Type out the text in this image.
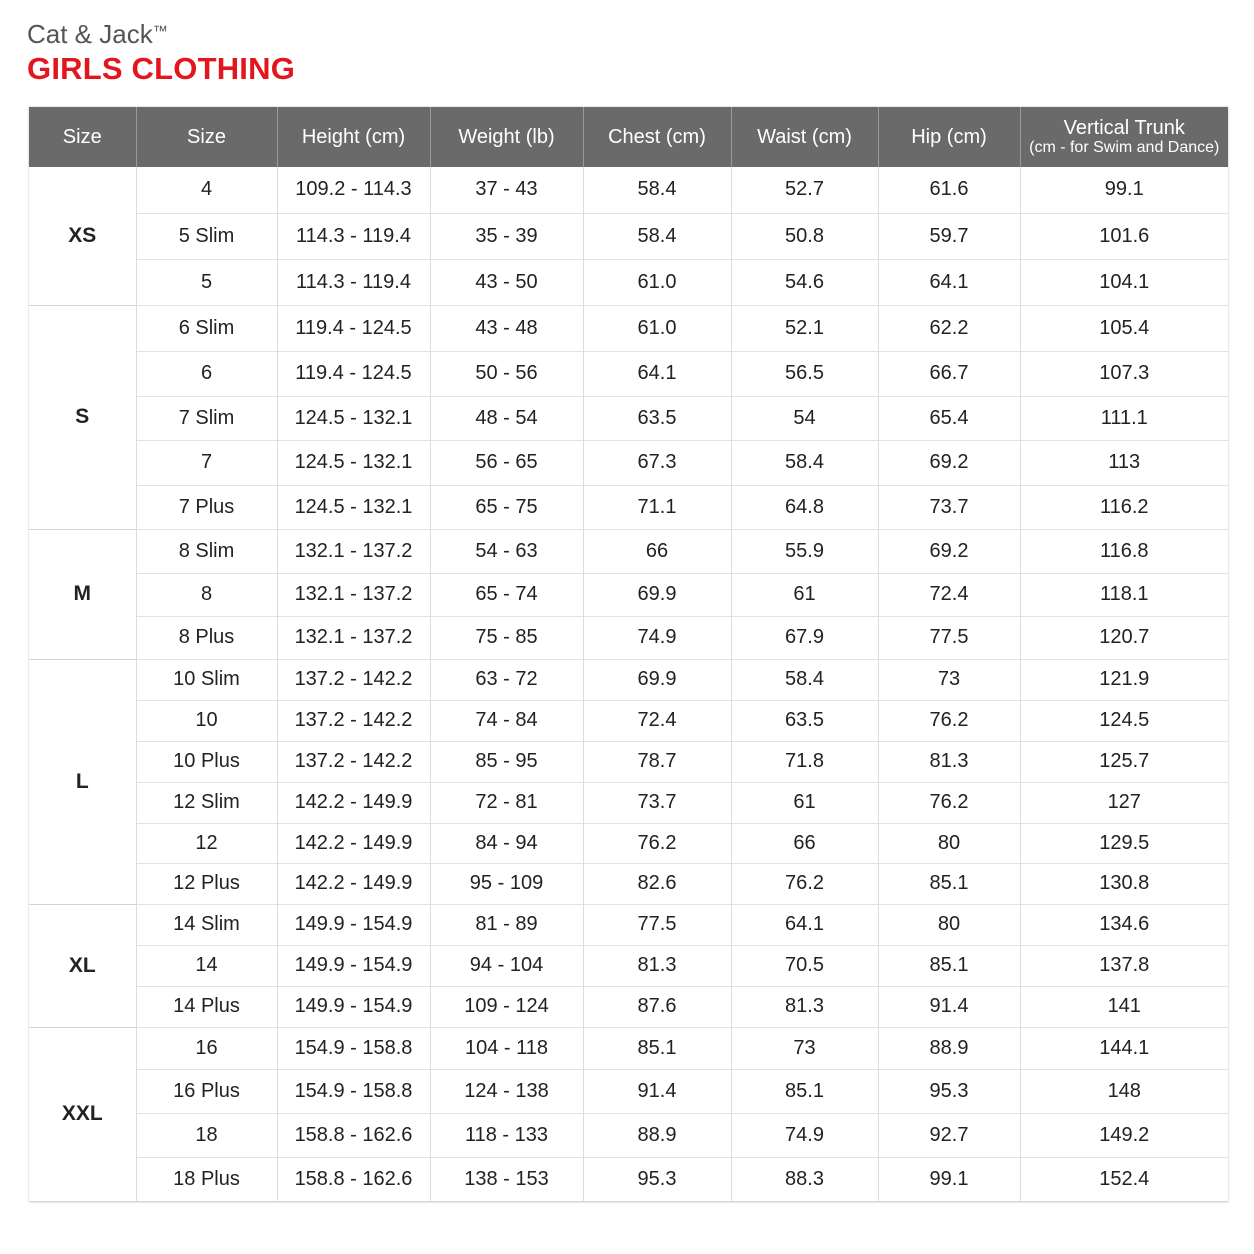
Cat & Jack™
GIRLS CLOTHING
Size	Size	Height (cm)	Weight (lb)	Chest (cm)	Waist (cm)	Hip (cm)	Vertical Trunk
(cm - for Swim and Dance)

XS	4	109.2 - 114.3	37 - 43	58.4	52.7	61.6	99.1
	5 Slim	114.3 - 119.4	35 - 39	58.4	50.8	59.7	101.6
	5	114.3 - 119.4	43 - 50	61.0	54.6	64.1	104.1
S	6 Slim	119.4 - 124.5	43 - 48	61.0	52.1	62.2	105.4
	6	119.4 - 124.5	50 - 56	64.1	56.5	66.7	107.3
	7 Slim	124.5 - 132.1	48 - 54	63.5	54	65.4	111.1
	7	124.5 - 132.1	56 - 65	67.3	58.4	69.2	113
	7 Plus	124.5 - 132.1	65 - 75	71.1	64.8	73.7	116.2
M	8 Slim	132.1 - 137.2	54 - 63	66	55.9	69.2	116.8
	8	132.1 - 137.2	65 - 74	69.9	61	72.4	118.1
	8 Plus	132.1 - 137.2	75 - 85	74.9	67.9	77.5	120.7
L	10 Slim	137.2 - 142.2	63 - 72	69.9	58.4	73	121.9
	10	137.2 - 142.2	74 - 84	72.4	63.5	76.2	124.5
	10 Plus	137.2 - 142.2	85 - 95	78.7	71.8	81.3	125.7
	12 Slim	142.2 - 149.9	72 - 81	73.7	61	76.2	127
	12	142.2 - 149.9	84 - 94	76.2	66	80	129.5
	12 Plus	142.2 - 149.9	95 - 109	82.6	76.2	85.1	130.8
XL	14 Slim	149.9 - 154.9	81 - 89	77.5	64.1	80	134.6
	14	149.9 - 154.9	94 - 104	81.3	70.5	85.1	137.8
	14 Plus	149.9 - 154.9	109 - 124	87.6	81.3	91.4	141
XXL	16	154.9 - 158.8	104 - 118	85.1	73	88.9	144.1
	16 Plus	154.9 - 158.8	124 - 138	91.4	85.1	95.3	148
	18	158.8 - 162.6	118 - 133	88.9	74.9	92.7	149.2
	18 Plus	158.8 - 162.6	138 - 153	95.3	88.3	99.1	152.4
